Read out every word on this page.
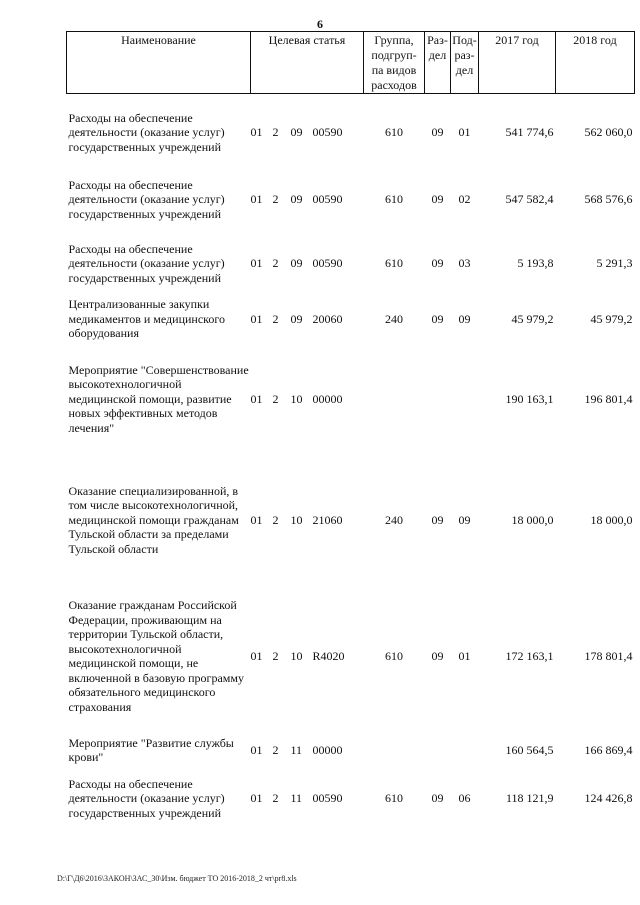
6
Наименование	Целевая статья	Группа, подгруп- па видов расходов	Раз- дел	Под- раз- дел	2017 год	2018 год

Расходы на обеспечение деятельности (оказание услуг) государственных учреждений	01 2 09 00590	610	09	01	541 774,6	562 060,0

Расходы на обеспечение деятельности (оказание услуг) государственных учреждений	01 2 09 00590	610	09	02	547 582,4	568 576,6

Расходы на обеспечение деятельности (оказание услуг) государственных учреждений	01 2 09 00590	610	09	03	5 193,8	5 291,3

Централизованные закупки медикаментов и медицинского оборудования	01 2 09 20060	240	09	09	45 979,2	45 979,2

Мероприятие "Совершенствование высокотехнологичной медицинской помощи, развитие новых эффективных методов лечения"	01 2 10 00000				190 163,1	196 801,4

Оказание специализированной, в том числе высокотехнологичной, медицинской помощи гражданам Тульской области за пределами Тульской области	01 2 10 21060	240	09	09	18 000,0	18 000,0

Оказание гражданам Российской Федерации, проживающим на территории Тульской области, высокотехнологичной медицинской помощи, не включенной в базовую программу обязательного медицинского страхования	01 2 10 R4020	610	09	01	172 163,1	178 801,4

Мероприятие "Развитие службы крови"	01 2 11 00000				160 564,5	166 869,4

Расходы на обеспечение деятельности (оказание услуг) государственных учреждений	01 2 11 00590	610	09	06	118 121,9	124 426,8
D:\Г\Д6\2016\ЗАКОН\ЗАС_30\Изм. бюджет ТО 2016-2018_2 чт\pr8.xls
